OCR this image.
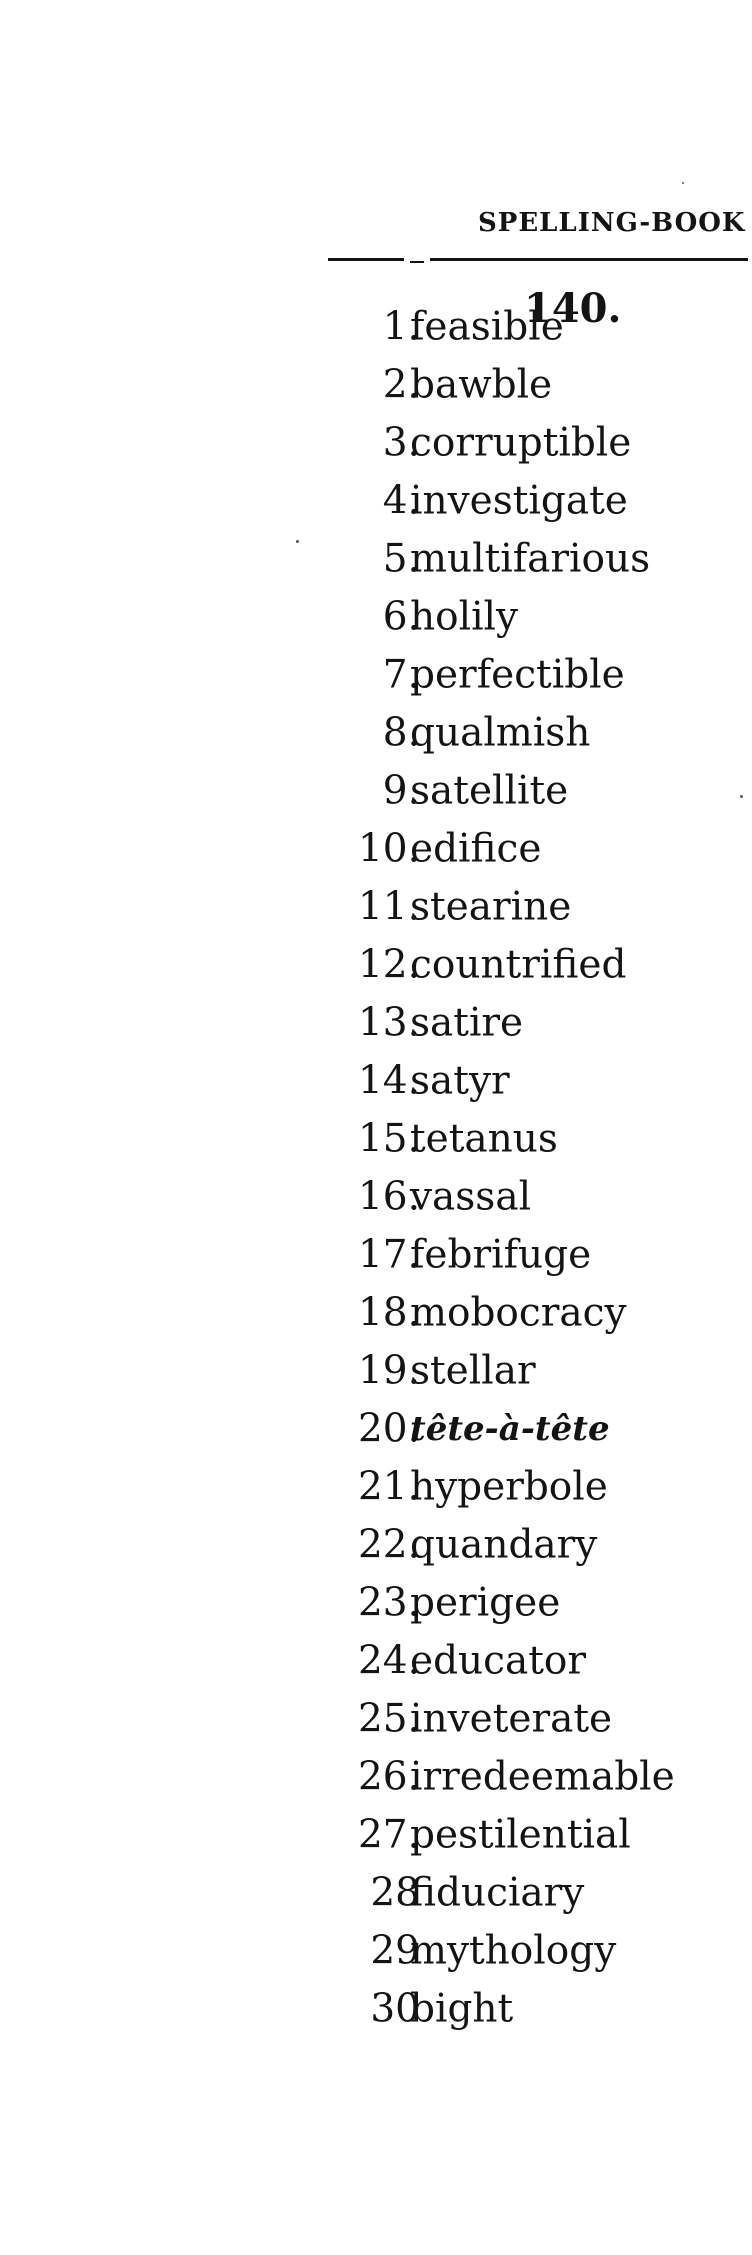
SPELLING-BOOK
140.
1.
feasible
2.
bawble
3.
corruptible
4.
investigate
5.
multifarious
6.
holily
7.
perfectible
8.
qualmish
9.
satellite
10.
edifice
11.
stearine
12.
countrified
13.
satire
14.
satyr
15.
tetanus
16.
vassal
17.
febrifuge
18.
mobocracy
19.
stellar
20.
tête-à-tête
21.
hyperbole
22.
quandary
23.
perigee
24.
educator
25.
inveterate
26.
irredeemable
27.
pestilential
28
fiduciary
29
mythology
30
bight
